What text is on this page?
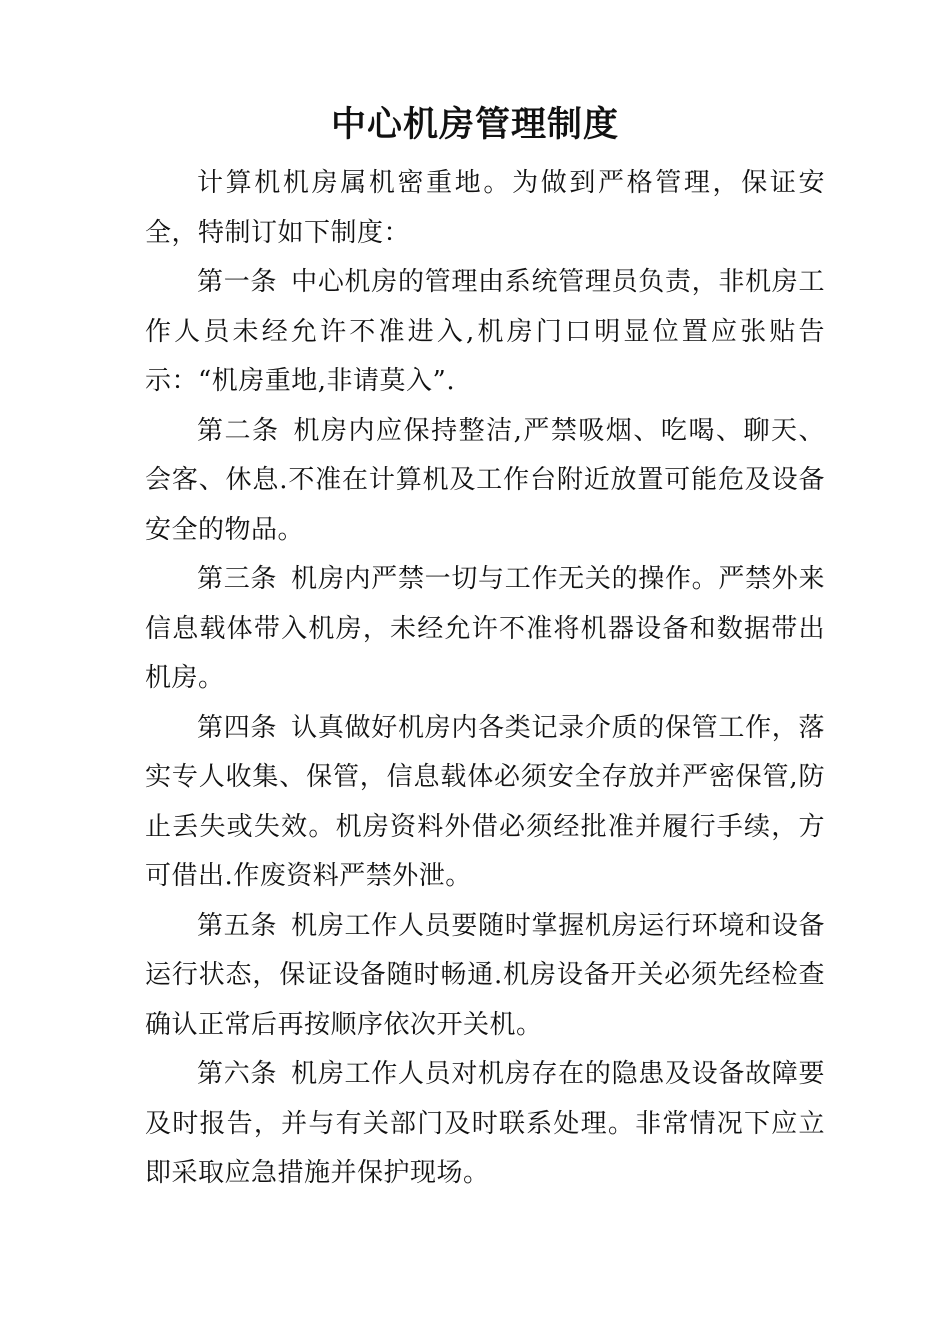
中心机房管理制度

计算机机房属机密重地。为做到严格管理，保证安全，特制订如下制度：

第一条 中心机房的管理由系统管理员负责，非机房工作人员未经允许不准进入,机房门口明显位置应张贴告示：“机房重地,非请莫入”.

第二条 机房内应保持整洁,严禁吸烟、吃喝、聊天、会客、休息.不准在计算机及工作台附近放置可能危及设备安全的物品。

第三条 机房内严禁一切与工作无关的操作。严禁外来信息载体带入机房，未经允许不准将机器设备和数据带出机房。

第四条 认真做好机房内各类记录介质的保管工作，落实专人收集、保管，信息载体必须安全存放并严密保管,防止丢失或失效。机房资料外借必须经批准并履行手续，方可借出.作废资料严禁外泄。

第五条 机房工作人员要随时掌握机房运行环境和设备运行状态，保证设备随时畅通.机房设备开关必须先经检查确认正常后再按顺序依次开关机。

第六条 机房工作人员对机房存在的隐患及设备故障要及时报告，并与有关部门及时联系处理。非常情况下应立即采取应急措施并保护现场。
